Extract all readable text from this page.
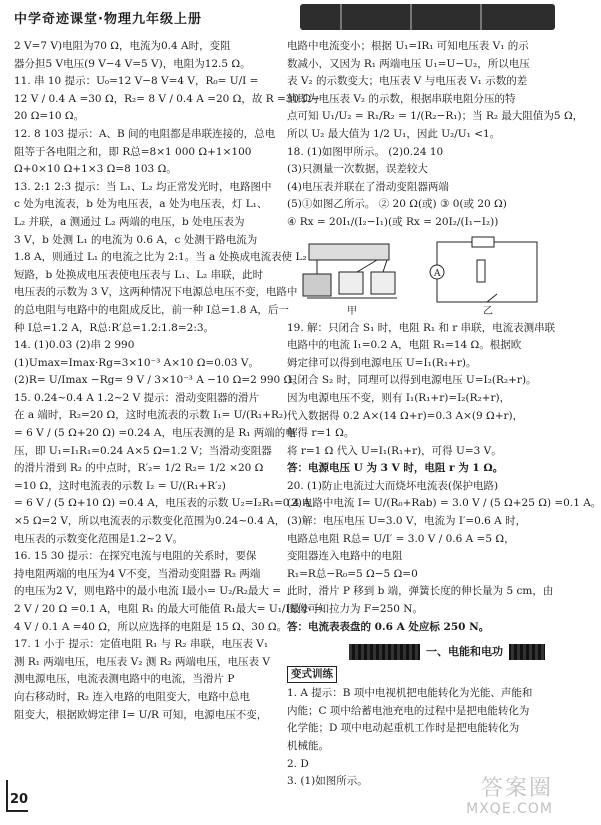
中学奇迹课堂·物理九年级上册

2 V=7 V)电阻为70 Ω，电流为0.4 A时，变阻

器分担5 V电压(9 V−4 V=5 V)，电阻为12.5 Ω。

11. 串 10 提示：U₀=12 V−8 V=4 V，R₀= U/I =

12 V / 0.4 A =30 Ω，R₂= 8 V / 0.4 A =20 Ω，故 R =30 Ω−

20 Ω=10 Ω。

12. 8 103 提示：A、B 间的电阻都是串联连接的，总电

阻等于各电阻之和，即 R总=8×1 000 Ω+1×100

Ω+0×10 Ω+1×3 Ω=8 103 Ω。

13. 2:1 2:3 提示：当 L₁、L₂ 均正常发光时，电路图中

c 处为电流表，b 处为电压表，a 处为电压表，灯 L₁、

L₂ 并联，a 测通过 L₂ 两端的电压，b 处电压表为

3 V，b 处测 L₁ 的电流为 0.6 A，c 处测干路电流为

1.8 A，则通过 L₁ 的电流之比为 2:1。当 a 处换成电流表使 L₂

短路，b 处换成电压表使电压表与 L₁、L₂ 串联，此时

电压表的示数为 3 V，这两种情况下电源总电压不变，电路中

的总电阻与电路中的电阻成反比，前一种 I总=1.8 A，后一

种 I总=1.2 A，R总:R′总=1.2:1.8=2:3。

14. (1)0.03 (2)串 2 990

(1)Umax=Imax·Rg=3×10⁻³ A×10 Ω=0.03 V。

(2)R= U/Imax −Rg= 9 V / 3×10⁻³ A −10 Ω=2 990 Ω。

15. 0.24~0.4 A 1.2~2 V 提示：滑动变阻器的滑片

在 a 端时，R₂=20 Ω，这时电流表的示数 I₁= U/(R₁+R₂)

= 6 V / (5 Ω+20 Ω) =0.24 A，电压表测的是 R₁ 两端的电

压，即 U₁=I₁R₁=0.24 A×5 Ω=1.2 V；当滑动变阻器

的滑片滑到 R₂ 的中点时，R′₂= 1/2 R₂= 1/2 ×20 Ω

=10 Ω，这时电流表的示数 I₂ = U/(R₁+R′₂)

= 6 V / (5 Ω+10 Ω) =0.4 A，电压表的示数 U₂=I₂R₁=0.4 A

×5 Ω=2 V，所以电流表的示数变化范围为0.24~0.4 A，

电压表的示数变化范围是1.2~2 V。

16. 15 30 提示：在探究电流与电阻的关系时，要保

持电阻两端的电压为4 V不变，当滑动变阻器 R₂ 两端

的电压为2 V，则电路中的最小电流 I最小= U₂/R₂最大 =

2 V / 20 Ω =0.1 A，电阻 R₁ 的最大可能值 R₁最大= U₁/I最小 =

4 V / 0.1 A =40 Ω，所以应选择的电阻是 15 Ω、30 Ω。

17. 1 小于 提示：定值电阻 R₁ 与 R₂ 串联，电压表 V₁

测 R₁ 两端电压，电压表 V₂ 测 R₂ 两端电压，电压表 V

测电源电压，电流表测电路中的电流，当滑片 P

向右移动时，R₂ 连入电路的电阻变大，电路中总电

阻变大，根据欧姆定律 I= U/R 可知，电源电压不变，

电路中电流变小；根据 U₁=IR₁ 可知电压表 V₁ 的示

数减小，又因为 R₁ 两端电压 U₁=U−U₂，所以电压

表 V₂ 的示数变大；电压表 V 与电压表 V₁ 示数的差

值即为电压表 V₂ 的示数，根据串联电阻分压的特

点可知 U₁/U₂ = R₁/R₂ = 1/(R₂−R₁)；当 R₂ 最大阻值为5 Ω，

所以 U₂ 最大值为 1/2 U₁，因此 U₂/U₁ <1。

18. (1)如图甲所示。 (2)0.24 10

(3)只测量一次数据，误差较大

(4)电压表并联在了滑动变阻器两端

(5)①如图乙所示。 ② 20 Ω(或) ③ 0(或 20 Ω)

④ Rx = 20I₁/(I₂−I₁)(或 Rx = 20I₂/(I₁−I₂))

A
甲	乙

19. 解：只闭合 S₁ 时，电阻 R₁ 和 r 串联，电流表测串联

电路中的电流 I₁=0.2 A，电阻 R₁=14 Ω。根据欧

姆定律可以得到电源电压 U=I₁(R₁+r)。

只闭合 S₂ 时，同理可以得到电源电压 U=I₂(R₂+r)。

因为电源电压不变，则有 I₁(R₁+r)=I₂(R₂+r)，

代入数据得 0.2 A×(14 Ω+r)=0.3 A×(9 Ω+r)，

解得 r=1 Ω。

将 r=1 Ω 代入 U=I₁(R₁+r)，可得 U=3 V。

答：电源电压 U 为 3 V 时，电阻 r 为 1 Ω。

20. (1)防止电流过大而烧坏电流表(保护电路)

(2)电路中电流 I= U/(R₀+Rab) = 3.0 V / (5 Ω+25 Ω) =0.1 A。

(3)解：电压电压 U=3.0 V，电流为 I′=0.6 A 时，

电路总电阻 R总= U/I′ = 3.0 V / 0.6 A =5 Ω，

变阻器连入电路中的电阻

R₁=R总−R₀=5 Ω−5 Ω=0

此时，滑片 P 移到 b 端，弹簧长度的伸长量为 5 cm，由

图像可知拉力为 F=250 N。

答：电流表表盘的 0.6 A 处应标 250 N。

一、电能和电功
变式训练

1. A 提示：B 项中电视机把电能转化为光能、声能和

内能；C 项中给蓄电池充电的过程中是把电能转化为

化学能；D 项中电动起重机工作时是把电能转化为

机械能。

2. D

3. (1)如图所示。

20	答案圈
MXQE.COM
